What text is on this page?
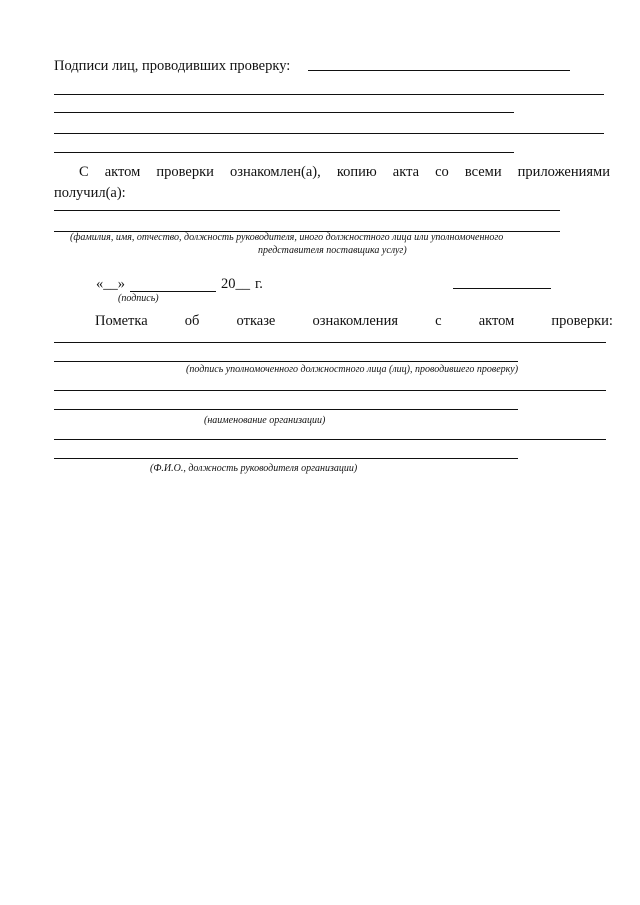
Подписи лиц, проводивших проверку:
С актом проверки ознакомлен(а), копию акта со всеми приложениями
получил(а):
(фамилия, имя, отчество, должность руководителя, иного должностного лица или уполномоченного
представителя поставщика услуг)
«__»	20__ г.
(подпись)
Пометка	об	отказе	ознакомления	с	актом	проверки:
(подпись уполномоченного должностного лица (лиц), проводившего проверку)
(наименование организации)
(Ф.И.О., должность руководителя организации)
